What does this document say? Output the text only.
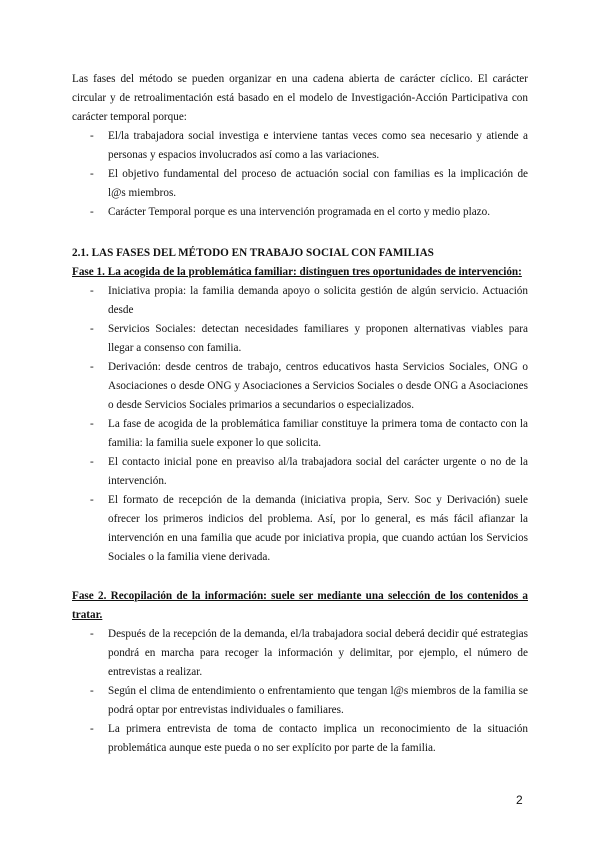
Las fases del método se pueden organizar en una cadena abierta de carácter cíclico. El carácter circular y de retroalimentación está basado en el modelo de Investigación-Acción Participativa con carácter temporal porque:

- El/la trabajadora social investiga e interviene tantas veces como sea necesario y atiende a personas y espacios involucrados así como a las variaciones.
- El objetivo fundamental del proceso de actuación social con familias es la implicación de l@s miembros.
- Carácter Temporal porque es una intervención programada en el corto y medio plazo.

2.1. LAS FASES DEL MÉTODO EN TRABAJO SOCIAL CON FAMILIAS

Fase 1. La acogida de la problemática familiar: distinguen tres oportunidades de intervención:

- Iniciativa propia: la familia demanda apoyo o solicita gestión de algún servicio. Actuación desde
- Servicios Sociales: detectan necesidades familiares y proponen alternativas viables para llegar a consenso con familia.
- Derivación: desde centros de trabajo, centros educativos hasta Servicios Sociales, ONG o Asociaciones o desde ONG y Asociaciones a Servicios Sociales o desde ONG a Asociaciones o desde Servicios Sociales primarios a secundarios o especializados.
- La fase de acogida de la problemática familiar constituye la primera toma de contacto con la familia: la familia suele exponer lo que solicita.
- El contacto inicial pone en preaviso al/la trabajadora social del carácter urgente o no de la intervención.
- El formato de recepción de la demanda (iniciativa propia, Serv. Soc y Derivación) suele ofrecer los primeros indicios del problema. Así, por lo general, es más fácil afianzar la intervención en una familia que acude por iniciativa propia, que cuando actúan los Servicios Sociales o la familia viene derivada.

Fase 2. Recopilación de la información: suele ser mediante una selección de los contenidos a tratar.

- Después de la recepción de la demanda, el/la trabajadora social deberá decidir qué estrategias pondrá en marcha para recoger la información y delimitar, por ejemplo, el número de entrevistas a realizar.
- Según el clima de entendimiento o enfrentamiento que tengan l@s miembros de la familia se podrá optar por entrevistas individuales o familiares.
- La primera entrevista de toma de contacto implica un reconocimiento de la situación problemática aunque este pueda o no ser explícito por parte de la familia.
2
